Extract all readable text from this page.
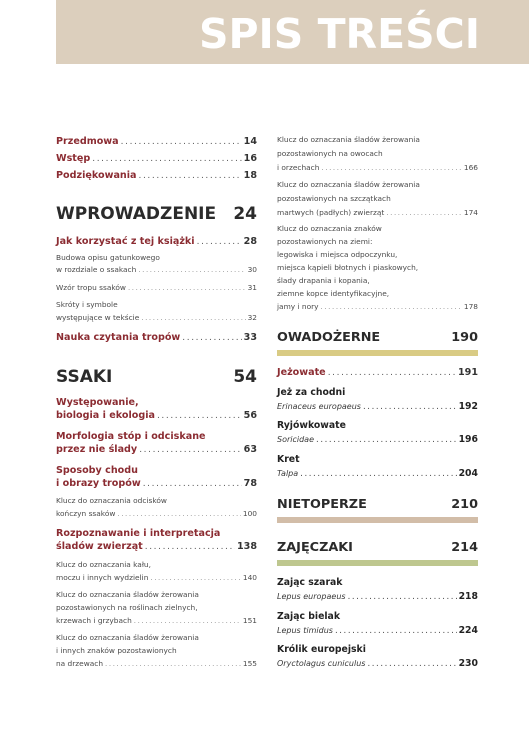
SPIS TREŚCI
Przedmowa .....	14
Wstęp .....	16
Podziękowania .....	18
WPROWADZENIE 24
Jak korzystać z tej książki .....	28
Budowa opisu gatunkowego
w rozdziale o ssakach .....	30
Wzór tropu ssaków .....	31
Skróty i symbole
występujące w tekście .....	32
Nauka czytania tropów .....	33
SSAKI	54
Występowanie,
biologia i ekologia .....	56
Morfologia stóp i odciskane
przez nie ślady .....	63
Sposoby chodu
i obrazy tropów .....	78
Klucz do oznaczania odcisków
kończyn ssaków .....	100
Rozpoznawanie i interpretacja
śladów zwierząt .....	138
Klucz do oznaczania kału,
moczu i innych wydzielin .....	140
Klucz do oznaczania śladów żerowania
pozostawionych na roślinach zielnych,
krzewach i grzybach .....	151
Klucz do oznaczania śladów żerowania
i innych znaków pozostawionych
na drzewach .....	155
Klucz do oznaczania śladów żerowania
pozostawionych na owocach
i orzechach .....	166
Klucz do oznaczania śladów żerowania
pozostawionych na szczątkach
martwych (padłych) zwierząt .....	174
Klucz do oznaczania znaków
pozostawionych na ziemi:
legowiska i miejsca odpoczynku,
miejsca kąpieli błotnych i piaskowych,
ślady drapania i kopania,
ziemne kopce identyfikacyjne,
jamy i nory .....	178
OWADOŻERNE	190
Jeżowate .....	191
Jeż za chodni
Erinaceus europaeus .....	192
Ryjówkowate
Soricidae .....	196
Kret
Talpa .....	204
NIETOPERZE	210
ZAJĘCZAKI	214
Zając szarak
Lepus europaeus .....	218
Zając bielak
Lepus timidus .....	224
Królik europejski
Oryctolagus cuniculus .....	230
